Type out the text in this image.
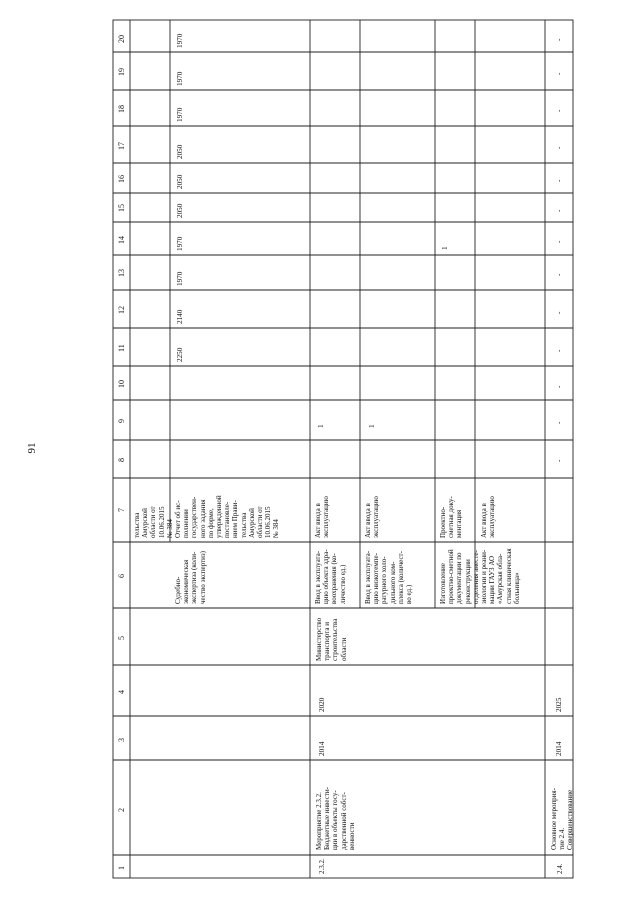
91
1
2
3
4
5
6
7
8
9
10
11
12
13
14
15
16
17
18
19
20
тельства
Амурской
области от
10.06.2015
№ 384
Судебно-
экономическая
экспертиза (коли-
чество экспертиз)
Отчет об ис-
полнении
государствен-
ного задания
по форме,
утвержденной
постановле-
нием Прави-
тельства
Амурской
области от
10.06.2015
№ 384
2250
2140
1970
1970
2050
2050
2050
1970
1970
1970
2.3.2.
Мероприятие 2.3.2.
Бюджетные инвести-
ции в объекты госу-
дарственной собст-
венности
2014
2020
Министерство
транспорта и
строительства
области
Ввод в эксплуата-
цию объекта здра-
воохранения (ко-
личество ед.)
Акт ввода в
эксплуатацию
1
Ввод в эксплуата-
цию низкотемпе-
ратурного холо-
дильного ком-
плекса (количест-
во ед.)
Акт ввода в
эксплуатацию
1
Изготовление
проектно-сметной
документации по
реконструкции
отделения анесте-
зиологии и реани-
мации ГАУЗ АО
«Амурская обла-
стная клиническая
больница»
Проектно-
сметная доку-
ментация
1
Акт ввода в
эксплуатацию
2.4.
Основное мероприя-
тие 2.4.
Совершенствование
2014
2025
-
-
-
-
-
-
-
-
-
-
-
-
-
